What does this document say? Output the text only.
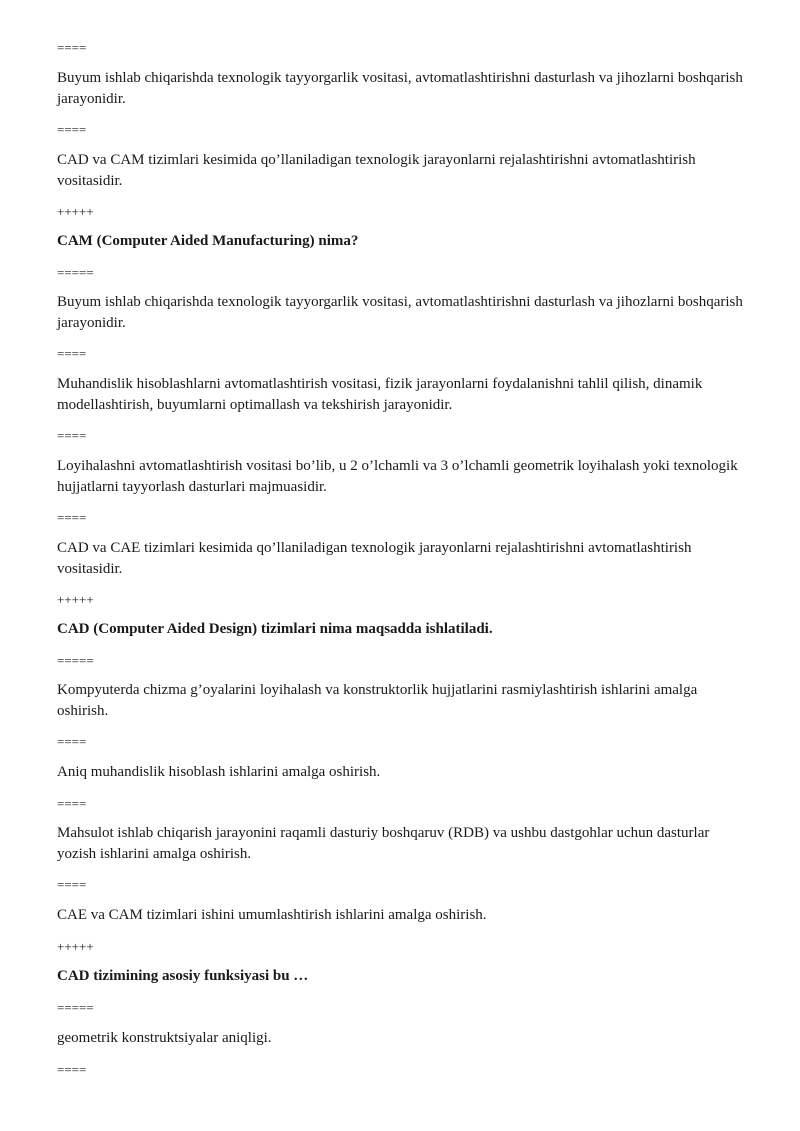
====

Buyum ishlab chiqarishda texnologik tayyorgarlik vositasi, avtomatlashtirishni dasturlash va jihozlarni boshqarish jarayonidir.

====

CAD va CAM tizimlari kesimida qo’llaniladigan texnologik jarayonlarni rejalashtirishni avtomatlashtirish vositasidir.

+++++

CAM (Computer Aided Manufacturing) nima?

=====

Buyum ishlab chiqarishda texnologik tayyorgarlik vositasi, avtomatlashtirishni dasturlash va jihozlarni boshqarish jarayonidir.

====

Muhandislik hisoblashlarni avtomatlashtirish vositasi, fizik jarayonlarni foydalanishni tahlil qilish, dinamik modellashtirish, buyumlarni optimallash va tekshirish jarayonidir.

====

Loyihalashni avtomatlashtirish vositasi bo’lib, u 2 o’lchamli va 3 o’lchamli geometrik loyihalash yoki texnologik hujjatlarni tayyorlash dasturlari majmuasidir.

====

CAD va CAE tizimlari kesimida qo’llaniladigan texnologik jarayonlarni rejalashtirishni avtomatlashtirish vositasidir.

+++++

CAD (Computer Aided Design) tizimlari nima maqsadda ishlatiladi.

=====

Kompyuterda chizma g’oyalarini loyihalash va konstruktorlik hujjatlarini rasmiylashtirish ishlarini amalga oshirish.

====

Aniq muhandislik hisoblash ishlarini amalga oshirish.

====

Mahsulot ishlab chiqarish jarayonini raqamli dasturiy boshqaruv (RDB) va ushbu dastgohlar uchun dasturlar yozish ishlarini amalga oshirish.

====

CAE va CAM tizimlari ishini umumlashtirish ishlarini amalga oshirish.

+++++

CAD tizimining asosiy funksiyasi bu …

=====

geometrik konstruktsiyalar aniqligi.

====
